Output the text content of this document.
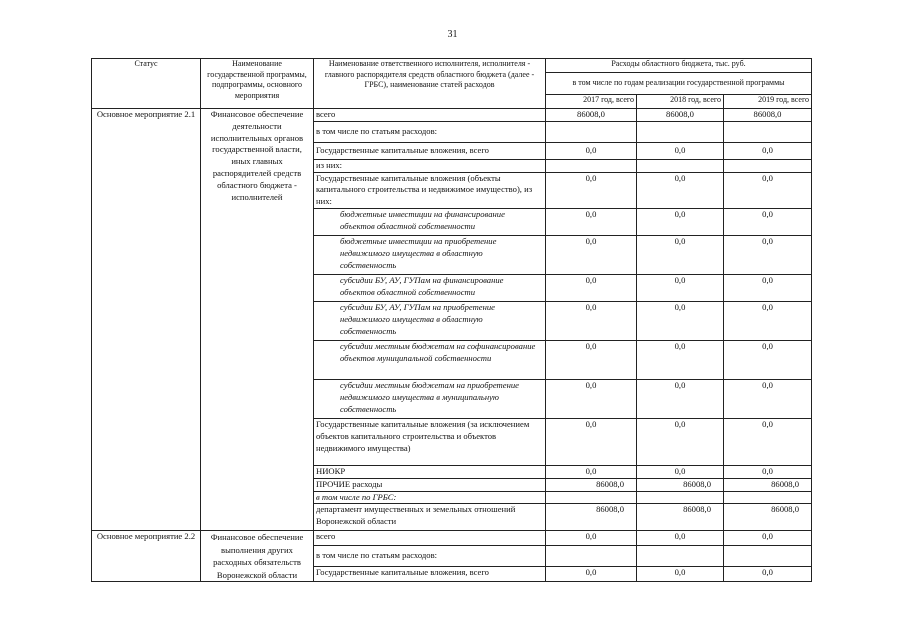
31
Статус	Наименование государственной программы, подпрограммы, основного мероприятия	Наименование ответственного исполнителя, исполнителя - главного распорядителя средств областного бюджета (далее - ГРБС), наименование статей расходов	Расходы областного бюджета, тыс. руб.		
			в том числе по годам реализации государственной программы		
			2017 год, всего	2018 год, всего	2019 год, всего
Основное мероприятие 2.1	Финансовое обеспечение деятельности исполнительных органов государственной власти, иных главных распорядителей средств областного бюджета - исполнителей	всего	86008,0	86008,0	86008,0
		в том числе по статьям расходов:			
		Государственные капитальные вложения, всего	0,0	0,0	0,0
		из них:			
		Государственные капитальные вложения (объекты капитального строительства и недвижимое имущество), из них:	0,0	0,0	0,0
		бюджетные инвестиции на финансирование объектов областной собственности	0,0	0,0	0,0
		бюджетные инвестиции на приобретение недвижимого имущества в областную собственность	0,0	0,0	0,0
		субсидии БУ, АУ, ГУПам на финансирование объектов областной собственности	0,0	0,0	0,0
		субсидии БУ, АУ, ГУПам на приобретение недвижимого имущества в областную собственность	0,0	0,0	0,0
		субсидии местным бюджетам на софинансирование объектов муниципальной собственности	0,0	0,0	0,0
		субсидии местным бюджетам на приобретение недвижимого имущества в муниципальную собственность	0,0	0,0	0,0
		Государственные капитальные вложения (за исключением объектов капитального строительства и объектов недвижимого имущества)	0,0	0,0	0,0
		НИОКР	0,0	0,0	0,0
		ПРОЧИЕ расходы	86008,0	86008,0	86008,0
		в том числе по ГРБС:			
		департамент имущественных и земельных отношений Воронежской области	86008,0	86008,0	86008,0
Основное мероприятие 2.2	Финансовое обеспечение выполнения других расходных обязательств Воронежской области	всего	0,0	0,0	0,0
		в том числе по статьям расходов:			
		Государственные капитальные вложения, всего	0,0	0,0	0,0
